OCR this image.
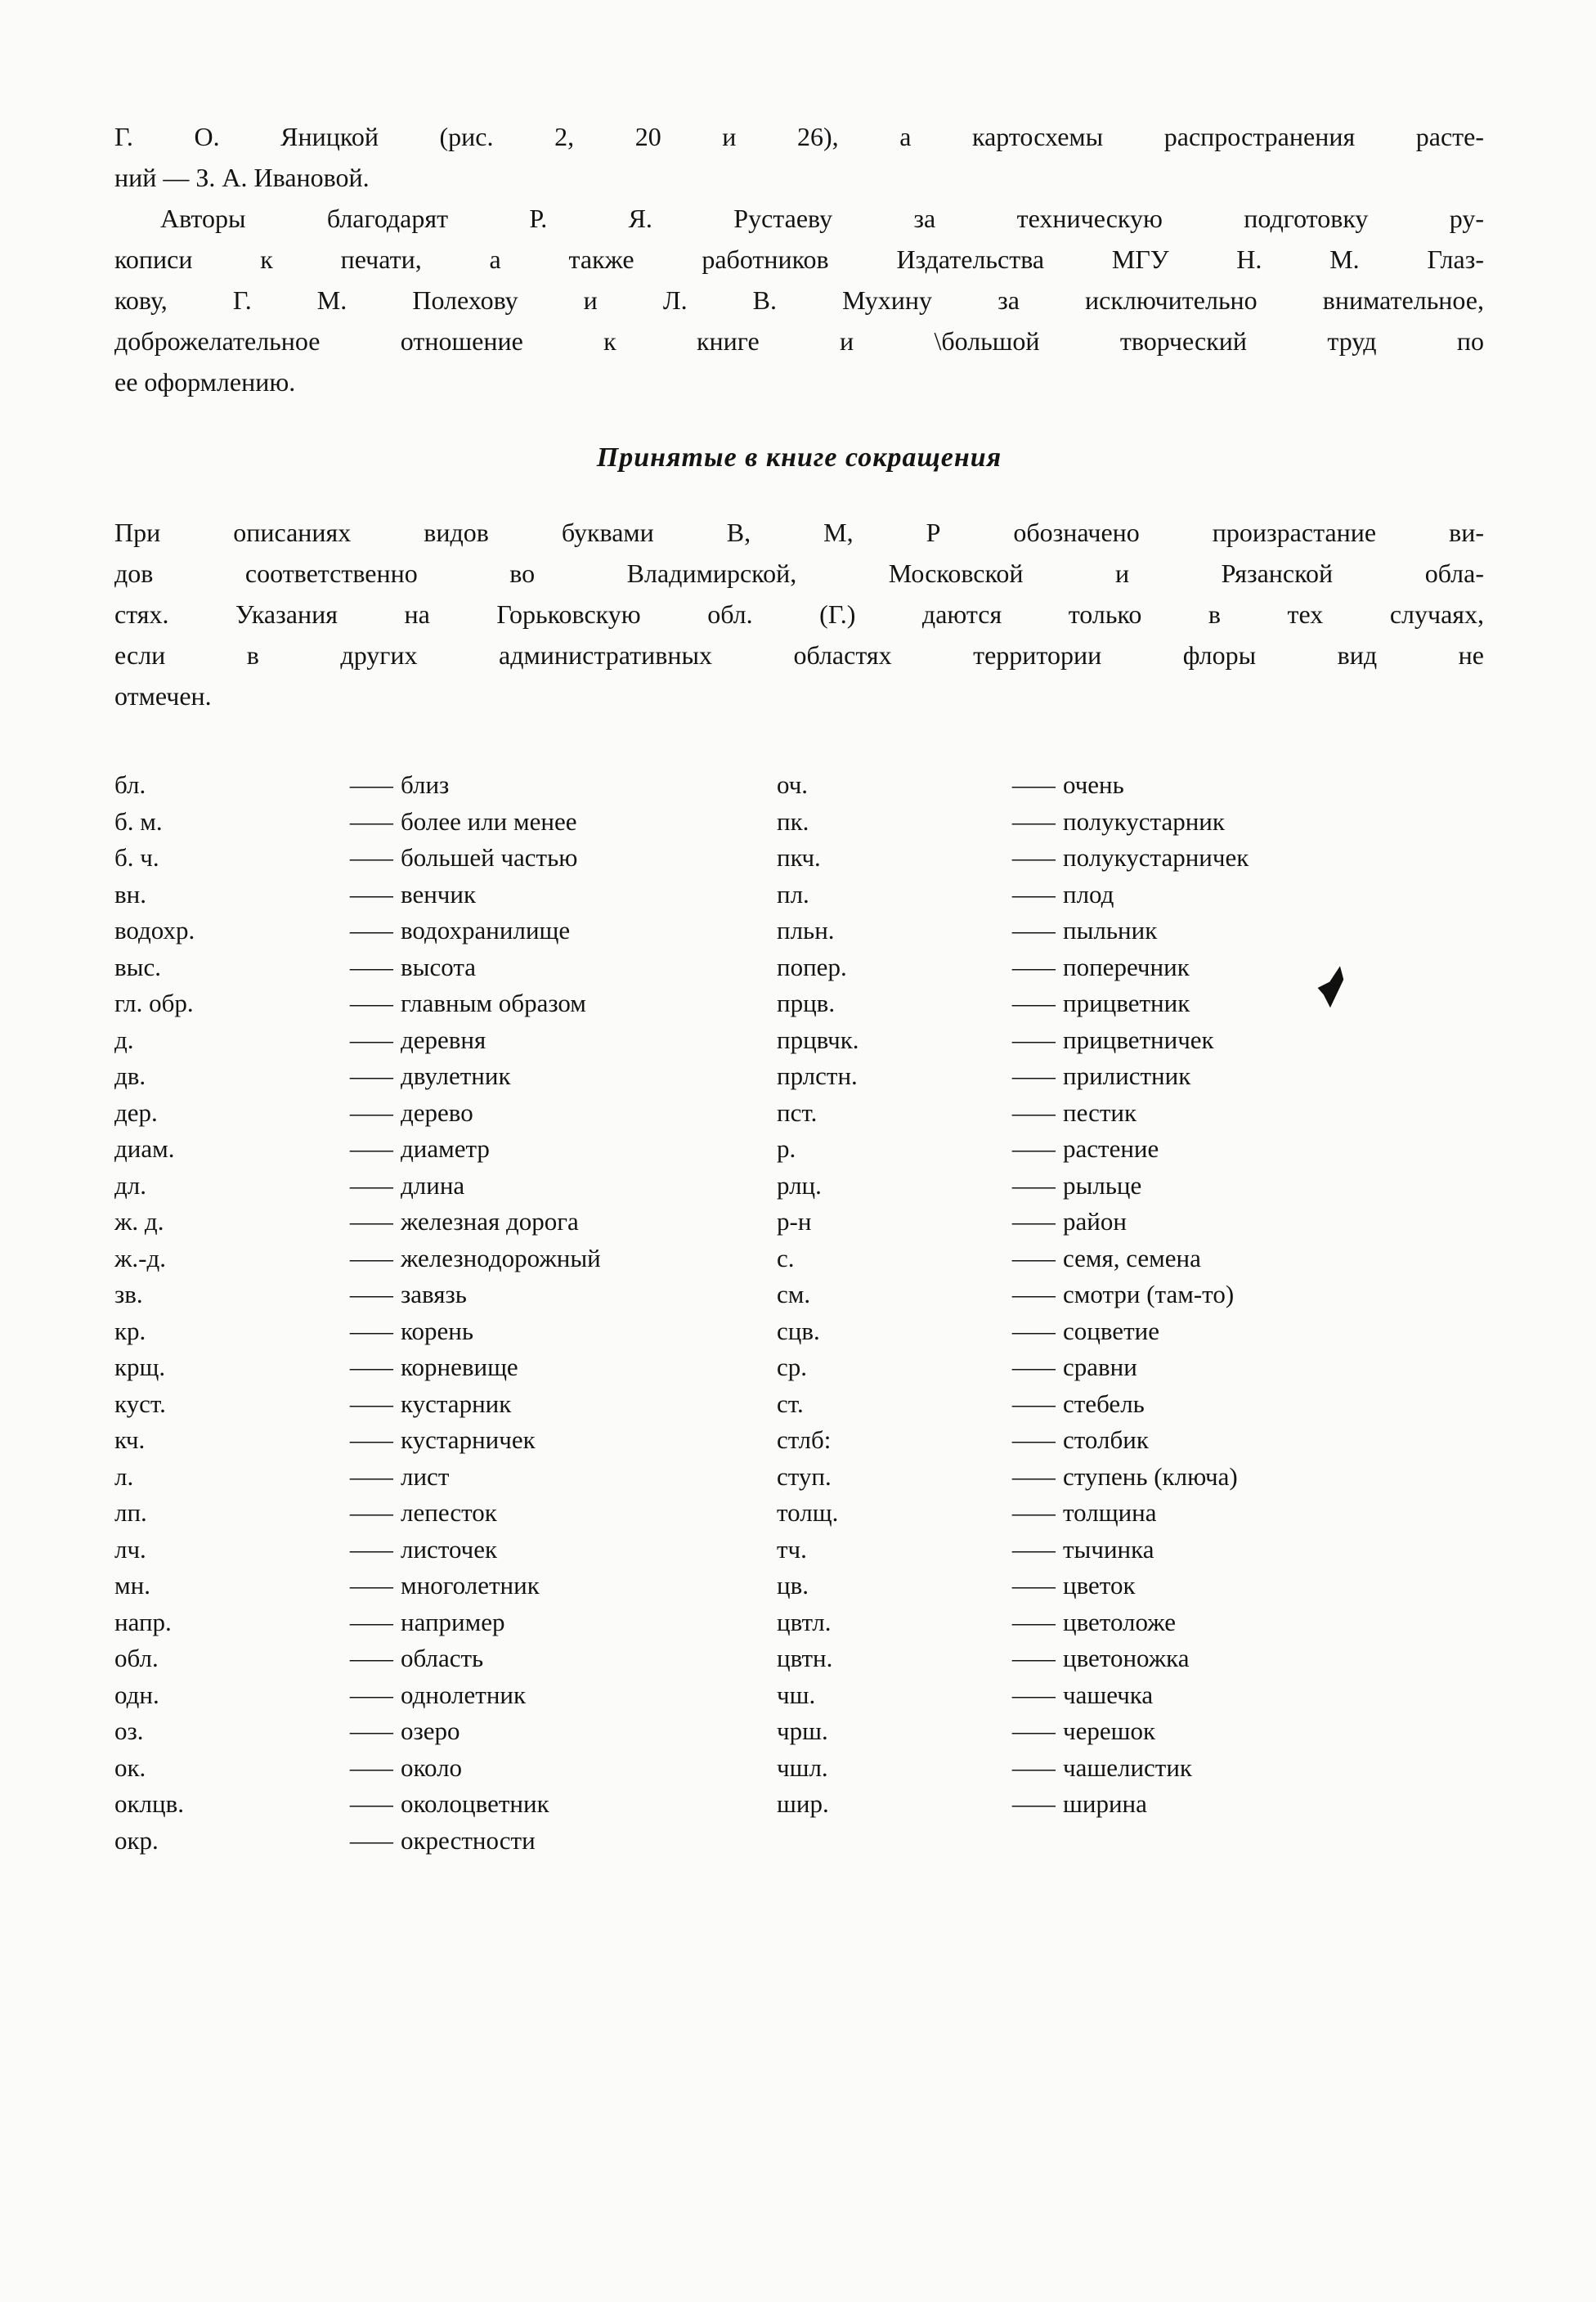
Г. О. Яницкой (рис. 2, 20 и 26), а картосхемы распространения расте-
ний — З. А. Ивановой.
Авторы благодарят Р. Я. Рустаеву за техническую подготовку ру-
кописи к печати, а также работников Издательства МГУ Н. М. Глаз-
кову, Г. М. Полехову и Л. В. Мухину за исключительно внимательное,
доброжелательное отношение к книге и \большой творческий труд по
ее оформлению.
Принятые в книге сокращения
При описаниях видов буквами В, М, Р обозначено произрастание ви-
дов соответственно во Владимирской, Московской и Рязанской обла-
стях. Указания на Горьковскую обл. (Г.) даются только в тех случаях,
если в других административных областях территории флоры вид не
отмечен.
бл.	— близ
б. м.	— более или менее
б. ч.	— большей частью
вн.	— венчик
водохр.	— водохранилище
выс.	— высота
гл. обр.	— главным образом
д.	— деревня
дв.	— двулетник
дер.	— дерево
диам.	— диаметр
дл.	— длина
ж. д.	— железная дорога
ж.-д.	— железнодорожный
зв.	— завязь
кр.	— корень
крщ.	— корневище
куст.	— кустарник
кч.	— кустарничек
л.	— лист
лп.	— лепесток
лч.	— листочек
мн.	— многолетник
напр.	— например
обл.	— область
одн.	— однолетник
оз.	— озеро
ок.	— около
оклцв.	— околоцветник
окр.	— окрестности
оч.	— очень
пк.	— полукустарник
пкч.	— полукустарничек
пл.	— плод
пльн.	— пыльник
попер.	— поперечник
прцв.	— прицветник
прцвчк.	— прицветничек
прлстн.	— прилистник
пст.	— пестик
р.	— растение
рлц.	— рыльце
р-н	— район
с.	— семя, семена
см.	— смотри (там-то)
сцв.	— соцветие
ср.	— сравни
ст.	— стебель
стлб:	— столбик
ступ.	— ступень (ключа)
толщ.	— толщина
тч.	— тычинка
цв.	— цветок
цвтл.	— цветоложе
цвтн.	— цветоножка
чш.	— чашечка
чрш.	— черешок
чшл.	— чашелистик
шир.	— ширина
